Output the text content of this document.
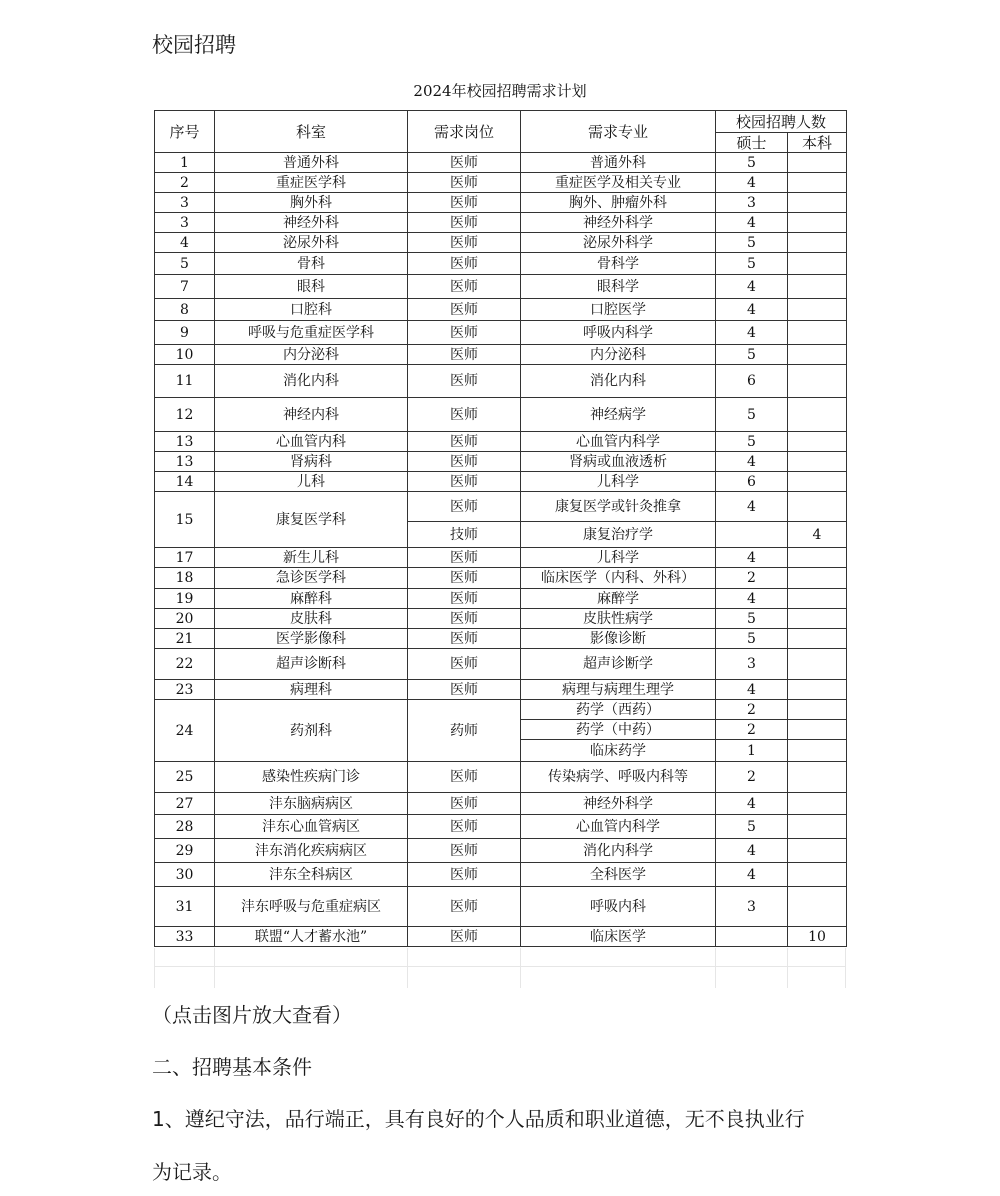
校园招聘
2024年校园招聘需求计划
序号	科室	需求岗位	需求专业	校园招聘人数	
				硕士	本科
1	普通外科	医师	普通外科	5	
2	重症医学科	医师	重症医学及相关专业	4	
3	胸外科	医师	胸外、肿瘤外科	3	
3	神经外科	医师	神经外科学	4	
4	泌尿外科	医师	泌尿外科学	5	
5	骨科	医师	骨科学	5	
7	眼科	医师	眼科学	4	
8	口腔科	医师	口腔医学	4	
9	呼吸与危重症医学科	医师	呼吸内科学	4	
10	内分泌科	医师	内分泌科	5	
11	消化内科	医师	消化内科	6	
12	神经内科	医师	神经病学	5	
13	心血管内科	医师	心血管内科学	5	
13	肾病科	医师	肾病或血液透析	4	
14	儿科	医师	儿科学	6	
15	康复医学科	医师	康复医学或针灸推拿	4	
		技师	康复治疗学		4
17	新生儿科	医师	儿科学	4	
18	急诊医学科	医师	临床医学（内科、外科）	2	
19	麻醉科	医师	麻醉学	4	
20	皮肤科	医师	皮肤性病学	5	
21	医学影像科	医师	影像诊断	5	
22	超声诊断科	医师	超声诊断学	3	
23	病理科	医师	病理与病理生理学	4	
24	药剂科	药师	药学（西药）	2	
			药学（中药）	2	
			临床药学	1	
25	感染性疾病门诊	医师	传染病学、呼吸内科等	2	
27	沣东脑病病区	医师	神经外科学	4	
28	沣东心血管病区	医师	心血管内科学	5	
29	沣东消化疾病病区	医师	消化内科学	4	
30	沣东全科病区	医师	全科医学	4	
31	沣东呼吸与危重症病区	医师	呼吸内科	3	
33	联盟“人才蓄水池”	医师	临床医学		10
（点击图片放大查看）
二、招聘基本条件
1、遵纪守法，品行端正，具有良好的个人品质和职业道德，无不良执业行
为记录。
